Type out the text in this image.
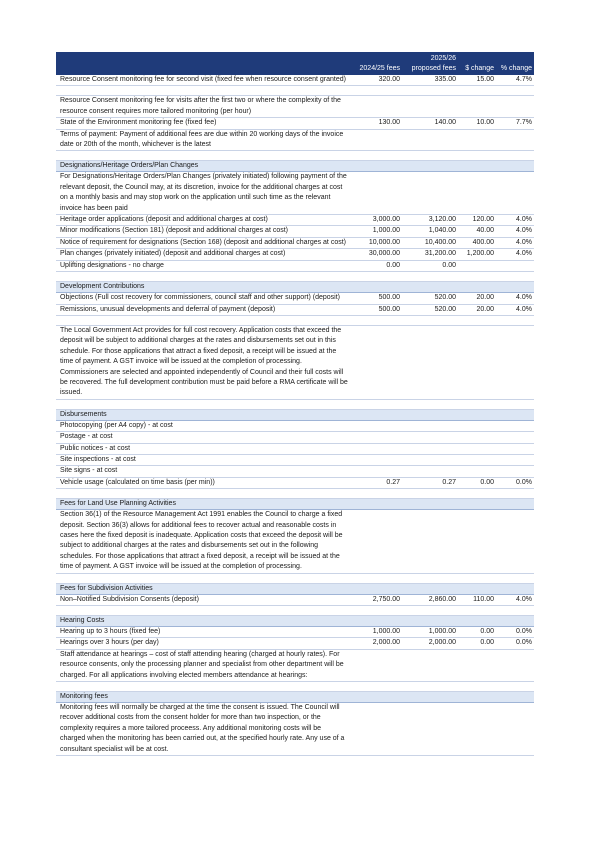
	2024/25 fees	2025/26 proposed fees	$ change	% change
Resource Consent monitoring fee for second visit (fixed fee when resource consent granted)	320.00	335.00	15.00	4.7%

Resource Consent monitoring fee for visits after the first two or where the complexity of the resource consent requires more tailored monitoring (per hour)				
State of the Environment monitoring fee (fixed fee)	130.00	140.00	10.00	7.7%
Terms of payment: Payment of additional fees are due within 20 working days of the invoice date or 20th of the month, whichever is the latest				

Designations/Heritage Orders/Plan Changes				
For Designations/Heritage Orders/Plan Changes (privately initiated) following payment of the relevant deposit, the Council may, at its discretion, invoice for the additional charges at cost on a monthly basis and may stop work on the application until such time as the relevant invoice has been paid				
Heritage order applications (deposit and additional charges at cost)	3,000.00	3,120.00	120.00	4.0%
Minor modifications (Section 181) (deposit and additional charges at cost)	1,000.00	1,040.00	40.00	4.0%
Notice of requirement for designations (Section 168) (deposit and additional charges at cost)	10,000.00	10,400.00	400.00	4.0%
Plan changes (privately initiated) (deposit and additional charges at cost)	30,000.00	31,200.00	1,200.00	4.0%
Uplifting designations - no charge	0.00	0.00		

Development Contributions				
Objections (Full cost recovery for commissioners, council staff and other support) (deposit)	500.00	520.00	20.00	4.0%
Remissions, unusual developments and deferral of payment (deposit)	500.00	520.00	20.00	4.0%

The Local Government Act provides for full cost recovery. Application costs that exceed the deposit will be subject to additional charges at the rates and disbursements set out in this schedule. For those applications that attract a fixed deposit, a receipt will be issued at the time of payment. A GST invoice will be issued at the completion of processing. Commissioners are selected and appointed independently of Council and their full costs will be recovered. The full development contribution must be paid before a RMA certificate will be issued.				

Disbursements				
Photocopying (per A4 copy) - at cost				
Postage - at cost				
Public notices - at cost				
Site inspections - at cost				
Site signs - at cost				
Vehicle usage (calculated on time basis (per min))	0.27	0.27	0.00	0.0%

Fees for Land Use Planning Activities				
Section 36(1) of the Resource Management Act 1991 enables the Council to charge a fixed deposit. Section 36(3) allows for additional fees to recover actual and reasonable costs in cases here the fixed deposit is inadequate. Application costs that exceed the deposit will be subject to additional charges at the rates and disbursements set out in the following schedules. For those applications that attract a fixed deposit, a receipt will be issued at the time of payment. A GST invoice will be issued at the completion of processing.				

Fees for Subdivision Activities				
Non–Notified Subdivision Consents (deposit)	2,750.00	2,860.00	110.00	4.0%

Hearing Costs				
Hearing up to 3 hours (fixed fee)	1,000.00	1,000.00	0.00	0.0%
Hearings over 3 hours (per day)	2,000.00	2,000.00	0.00	0.0%
Staff attendance at hearings – cost of staff attending hearing (charged at hourly rates). For resource consents, only the processing planner and specialist from other department will be charged. For all applications involving elected members attendance at hearings:				

Monitoring fees				
Monitoring fees will normally be charged at the time the consent is issued. The Council will recover additional costs from the consent holder for more than two inspection, or the complexity requires a more tailored proceess. Any additional monitoring costs will be charged when the monitoring has been carried out, at the specified hourly rate. Any use of a consultant specialist will be at cost.				
